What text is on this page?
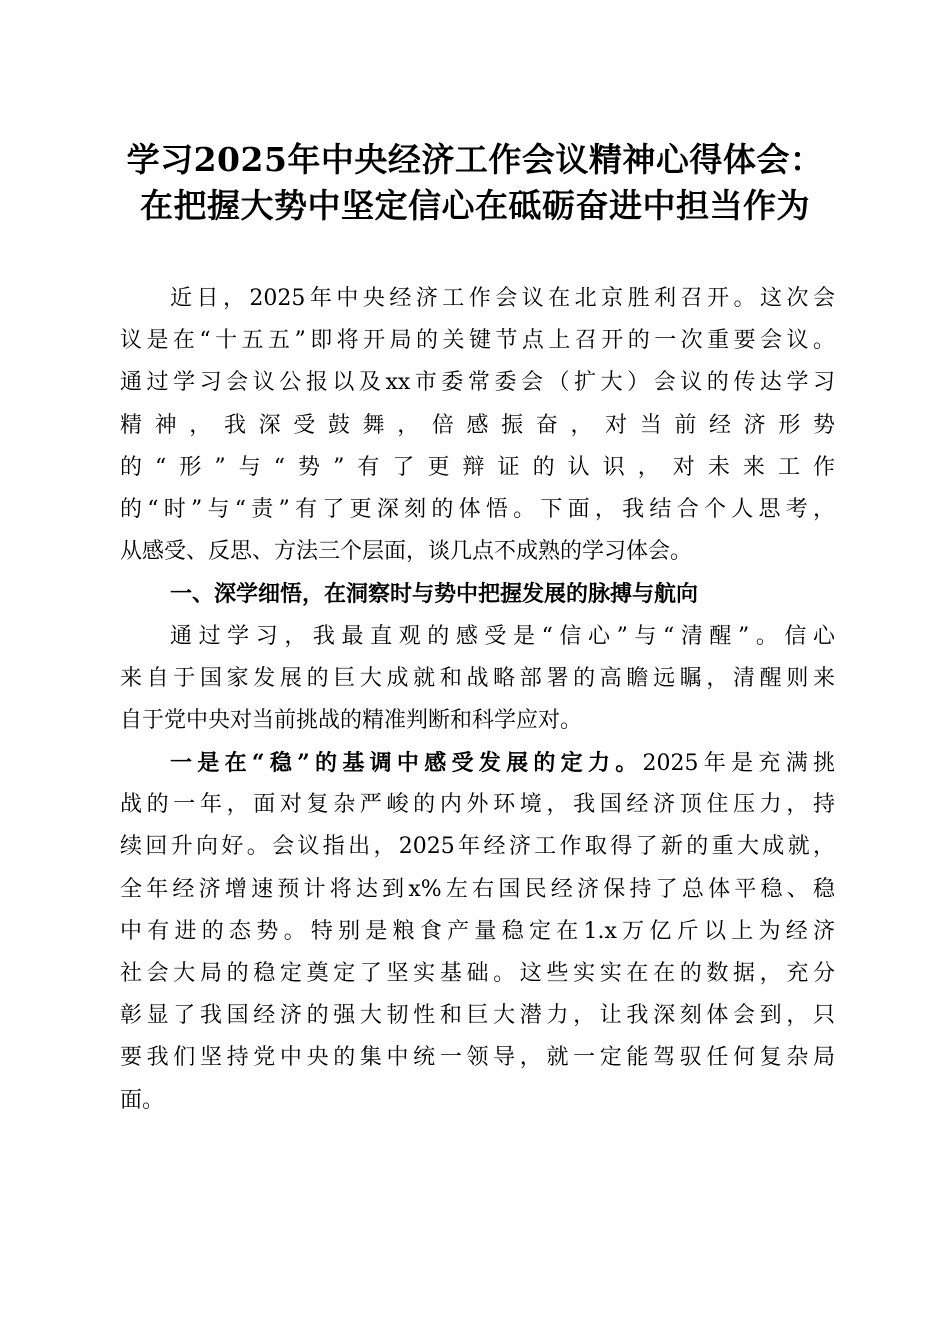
学习2025年中央经济工作会议精神心得体会：
在把握大势中坚定信心在砥砺奋进中担当作为
近日，2025年中央经济工作会议在北京胜利召开。这次会
议是在“十五五”即将开局的关键节点上召开的一次重要会议。
通过学习会议公报以及xx市委常委会（扩大）会议的传达学习
精神，我深受鼓舞，倍感振奋，对当前经济形势
的“形”与“势”有了更辩证的认识，对未来工作
的“时”与“责”有了更深刻的体悟。下面，我结合个人思考，
从感受、反思、方法三个层面，谈几点不成熟的学习体会。
一、深学细悟，在洞察时与势中把握发展的脉搏与航向
通过学习，我最直观的感受是“信心”与“清醒”。信心
来自于国家发展的巨大成就和战略部署的高瞻远瞩，清醒则来
自于党中央对当前挑战的精准判断和科学应对。
一是在“稳”的基调中感受发展的定力。2025年是充满挑
战的一年，面对复杂严峻的内外环境，我国经济顶住压力，持
续回升向好。会议指出，2025年经济工作取得了新的重大成就，
全年经济增速预计将达到x%左右国民经济保持了总体平稳、稳
中有进的态势。特别是粮食产量稳定在1.x万亿斤以上为经济
社会大局的稳定奠定了坚实基础。这些实实在在的数据，充分
彰显了我国经济的强大韧性和巨大潜力，让我深刻体会到，只
要我们坚持党中央的集中统一领导，就一定能驾驭任何复杂局
面。
